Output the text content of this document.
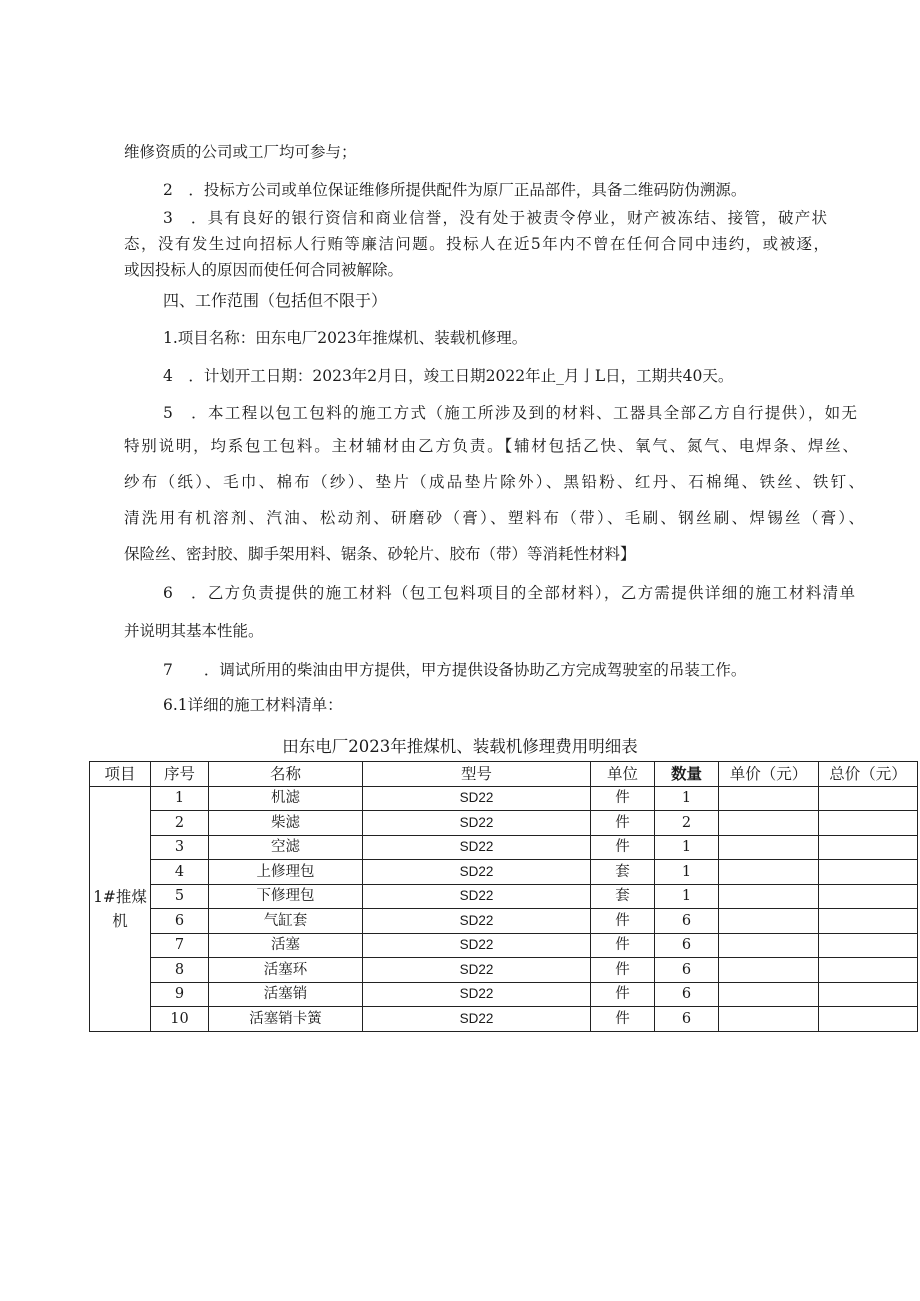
维修资质的公司或工厂均可参与；
2　．投标方公司或单位保证维修所提供配件为原厂正品部件，具备二维码防伪溯源。
3　．具有良好的银行资信和商业信誉，没有处于被责令停业，财产被冻结、接管，破产状
态，没有发生过向招标人行贿等廉洁问题。投标人在近5年内不曾在任何合同中违约，或被逐，
或因投标人的原因而使任何合同被解除。
四、工作范围（包括但不限于）
1.项目名称：田东电厂2023年推煤机、装载机修理。
4　．计划开工日期：2023年2月日，竣工日期2022年止_月亅L日，工期共40天。
5　．本工程以包工包料的施工方式（施工所涉及到的材料、工器具全部乙方自行提供），如无
特别说明，均系包工包料。主材辅材由乙方负责。【辅材包括乙快、氧气、氮气、电焊条、焊丝、
纱布（纸）、毛巾、棉布（纱）、垫片（成品垫片除外）、黑铅粉、红丹、石棉绳、铁丝、铁钉、
清洗用有机溶剂、汽油、松动剂、研磨砂（膏）、塑料布（带）、毛刷、钢丝刷、焊锡丝（膏）、
保险丝、密封胶、脚手架用料、锯条、砂轮片、胶布（带）等消耗性材料】
6　．乙方负责提供的施工材料（包工包料项目的全部材料），乙方需提供详细的施工材料清单
并说明其基本性能。
7　　．调试所用的柴油由甲方提供，甲方提供设备协助乙方完成驾驶室的吊装工作。
6.1详细的施工材料清单：
田东电厂2023年推煤机、装载机修理费用明细表
项目	序号	名称	型号	单位	数量	单价（元）	总价（元）
1#推煤机	1	机滤	SD22	件	1		
	2	柴滤	SD22	件	2		
	3	空滤	SD22	件	1		
	4	上修理包	SD22	套	1		
	5	下修理包	SD22	套	1		
	6	气缸套	SD22	件	6		
	7	活塞	SD22	件	6		
	8	活塞环	SD22	件	6		
	9	活塞销	SD22	件	6		
	10	活塞销卡簧	SD22	件	6		
